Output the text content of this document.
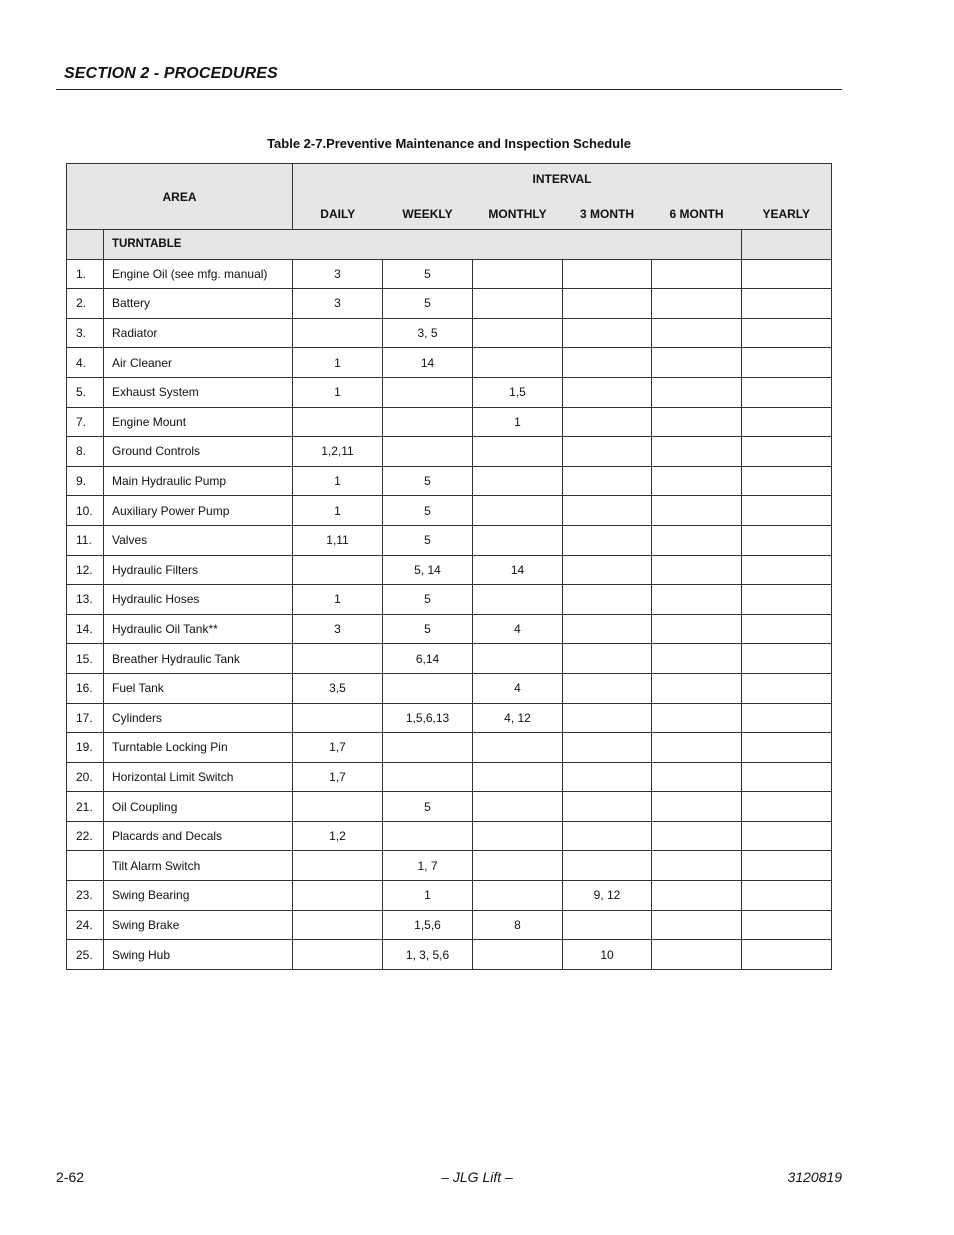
SECTION 2 - PROCEDURES
Table 2-7.Preventive Maintenance and Inspection Schedule
AREA		INTERVAL					
		DAILY	WEEKLY	MONTHLY	3 MONTH	6 MONTH	YEARLY
	TURNTABLE						
1.	Engine Oil (see mfg. manual)	3	5				
2.	Battery	3	5				
3.	Radiator		3, 5				
4.	Air Cleaner	1	14				
5.	Exhaust System	1		1,5			
7.	Engine Mount			1			
8.	Ground Controls	1,2,11					
9.	Main Hydraulic Pump	1	5				
10.	Auxiliary Power Pump	1	5				
11.	Valves	1,11	5				
12.	Hydraulic Filters		5, 14	14			
13.	Hydraulic Hoses	1	5				
14.	Hydraulic Oil Tank**	3	5	4			
15.	Breather Hydraulic Tank		6,14				
16.	Fuel Tank	3,5		4			
17.	Cylinders		1,5,6,13	4, 12			
19.	Turntable Locking Pin	1,7					
20.	Horizontal Limit Switch	1,7					
21.	Oil Coupling		5				
22.	Placards and Decals	1,2					
	Tilt Alarm Switch		1, 7				
23.	Swing Bearing		1		9, 12		
24.	Swing Brake		1,5,6	8			
25.	Swing Hub		1, 3, 5,6		10		
2-62	– JLG Lift –	3120819
